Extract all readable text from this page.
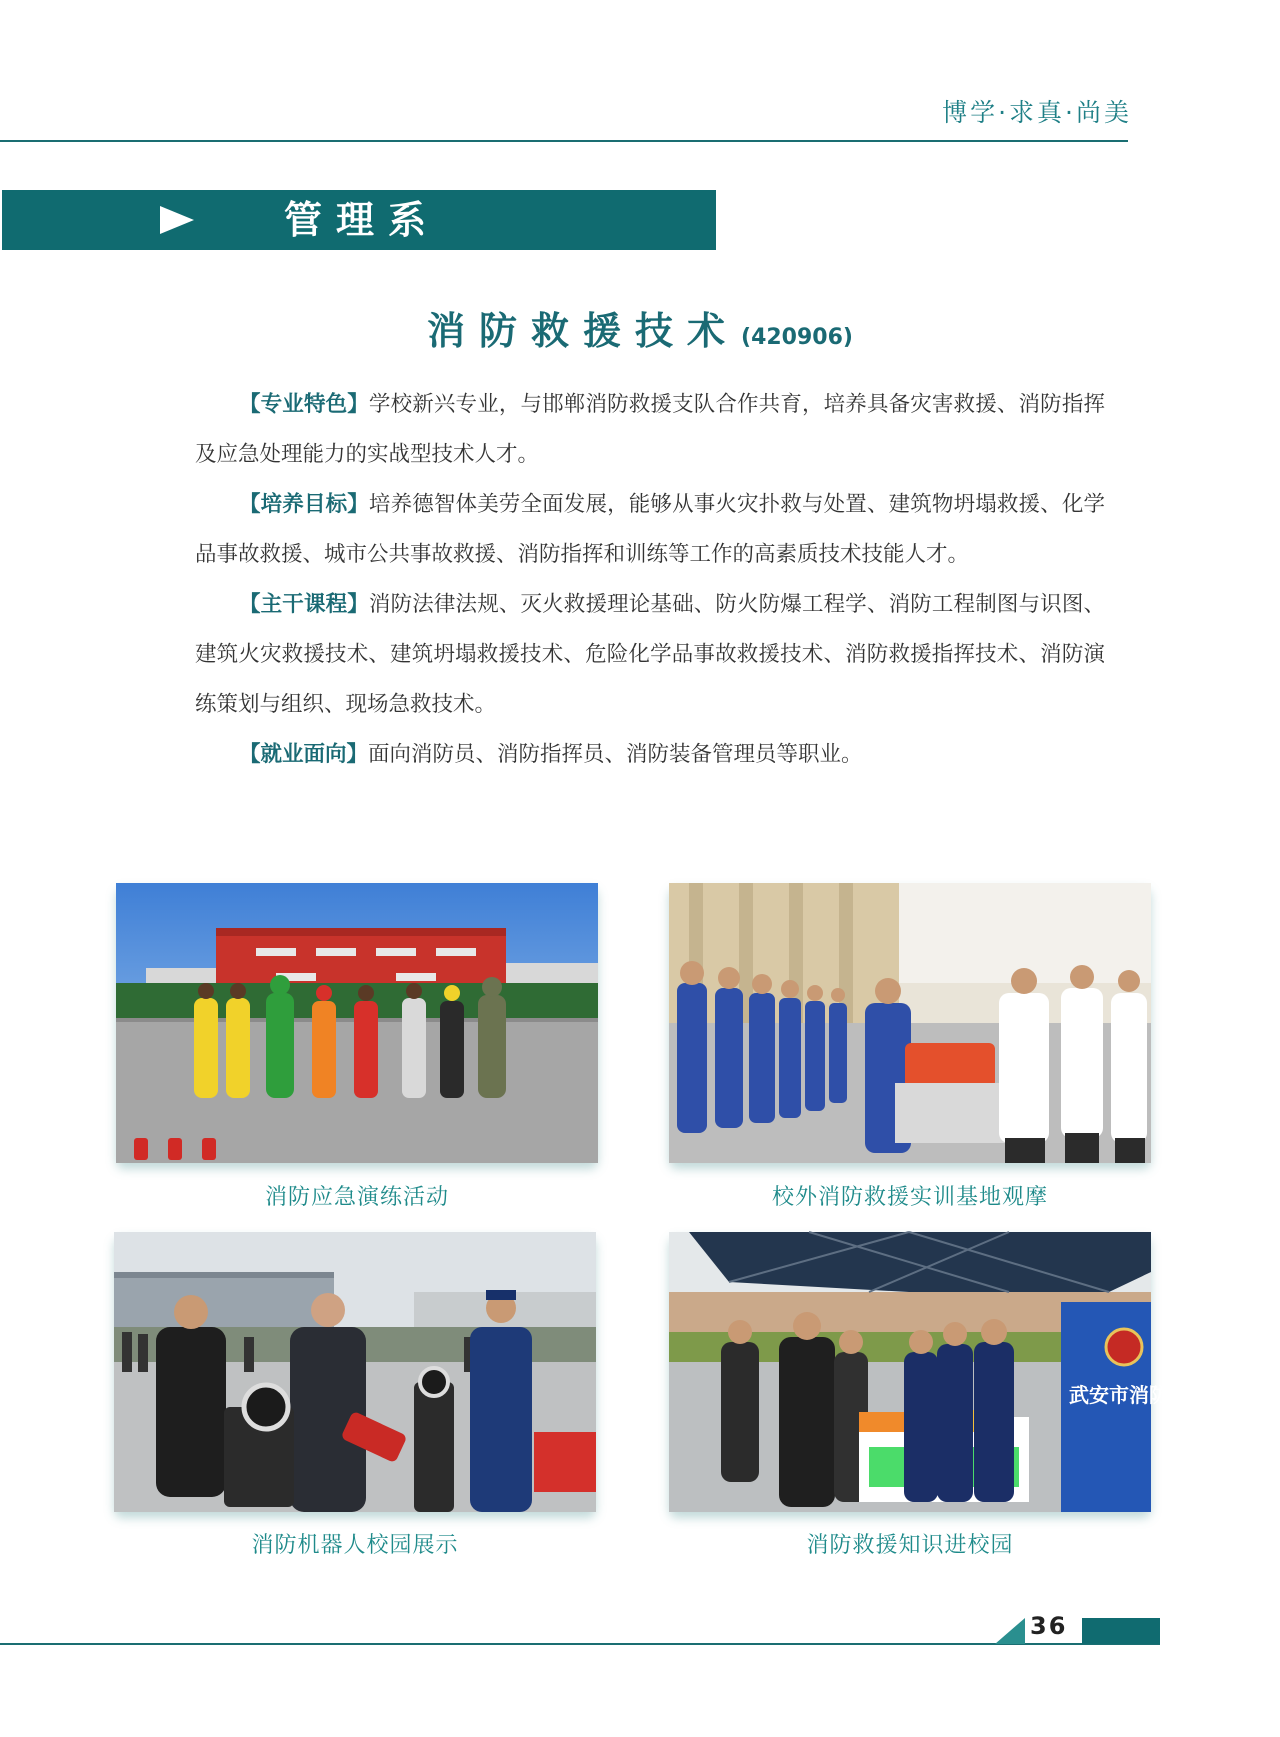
博学·求真·尚美
管理系
消防救援技术(420906)

【专业特色】学校新兴专业，与邯郸消防救援支队合作共育，培养具备灾害救援、消防指挥及应急处理能力的实战型技术人才。

【培养目标】培养德智体美劳全面发展，能够从事火灾扑救与处置、建筑物坍塌救援、化学品事故救援、城市公共事故救援、消防指挥和训练等工作的高素质技术技能人才。

【主干课程】消防法律法规、灭火救援理论基础、防火防爆工程学、消防工程制图与识图、建筑火灾救援技术、建筑坍塌救援技术、危险化学品事故救援技术、消防救援指挥技术、消防演练策划与组织、现场急救技术。

【就业面向】面向消防员、消防指挥员、消防装备管理员等职业。

消防应急演练活动	校外消防救援实训基地观摩
消防机器人校园展示
武安市消防救
消防救援知识进校园
36
